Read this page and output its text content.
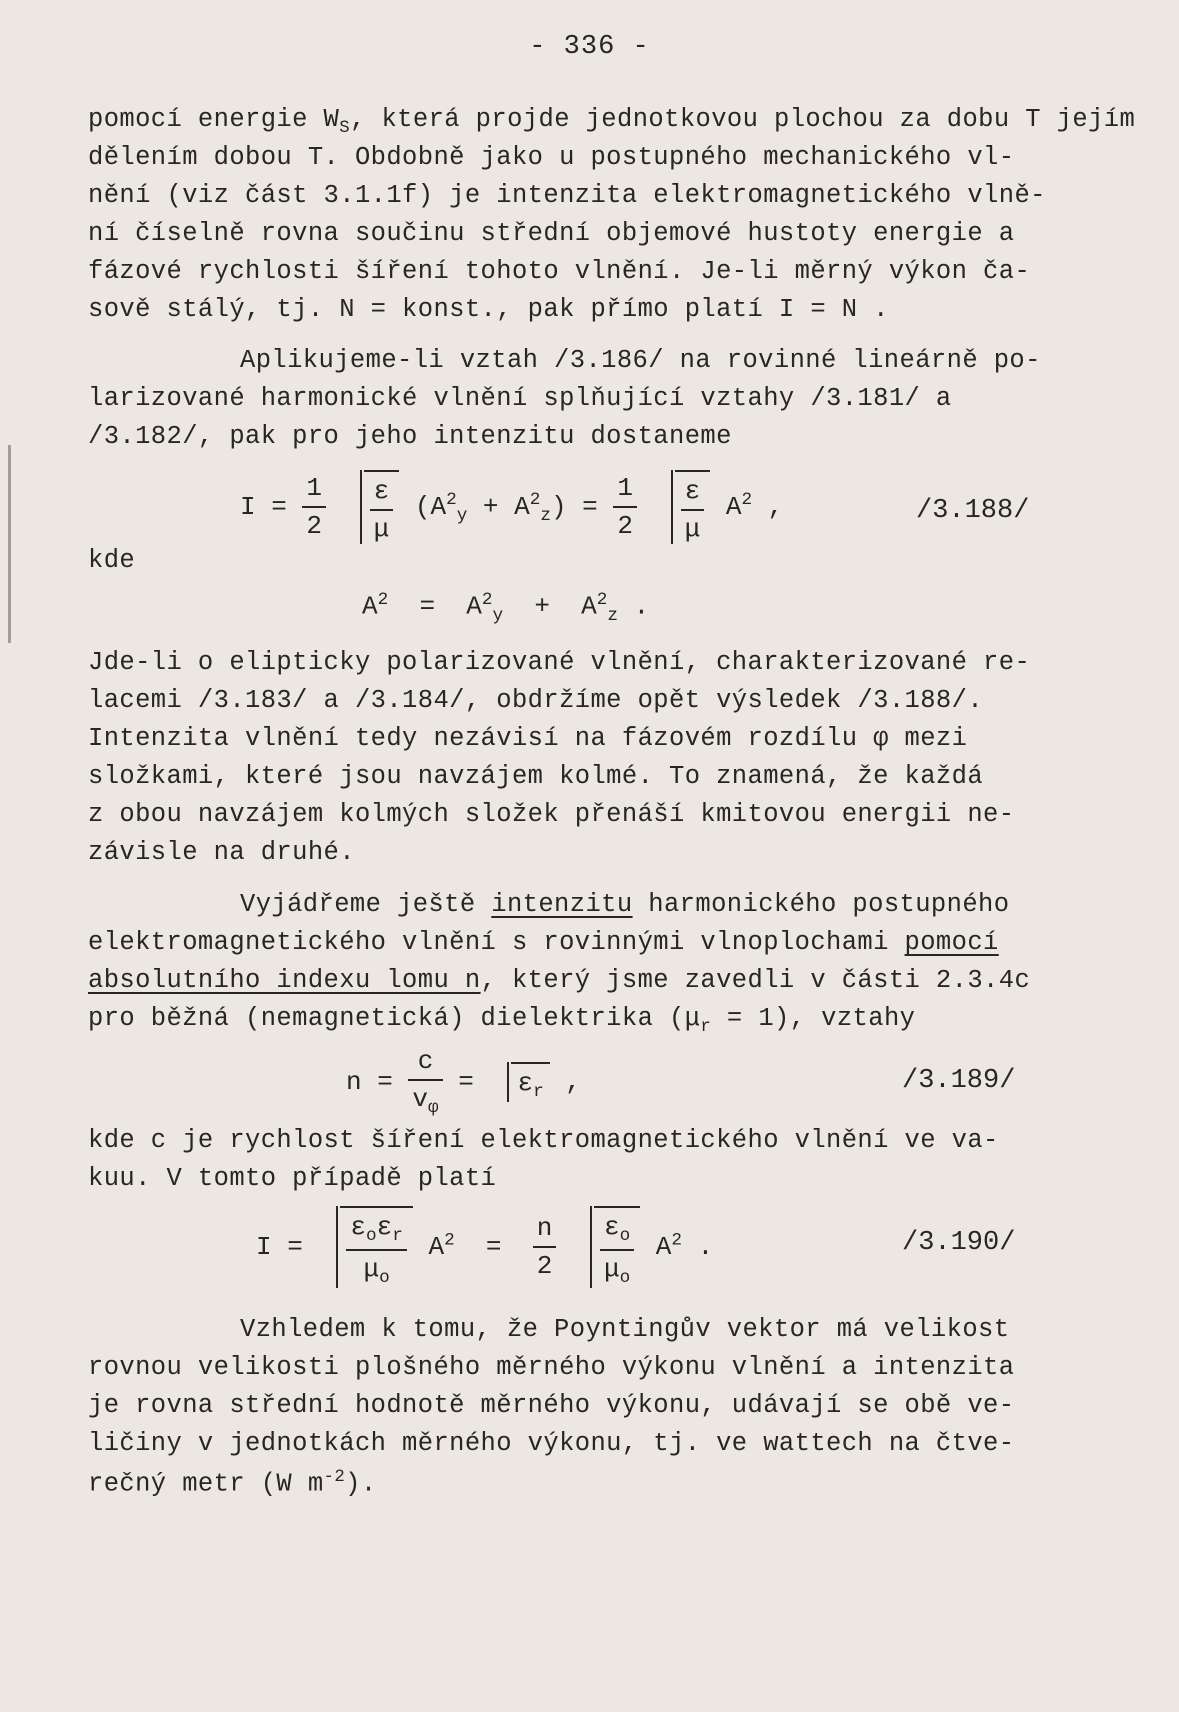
- 336 -
pomocí energie $W_S$, která projde jednotkovou plochou za dobu T jejím
dělením dobou T. Obdobně jako u postupného mechanického vl-
nění (viz část 3.1.1f) je intenzita elektromagnetického vlně-
ní číselně rovna součinu střední objemové hustoty energie a
fázové rychlosti šíření tohoto vlnění. Je-li měrný výkon ča-
sově stálý, tj. N = konst., pak přímo platí I = N .
Aplikujeme-li vztah /3.186/ na rovinné lineárně po-
larizované harmonické vlnění splňující vztahy /3.181/ a
/3.182/, pak pro jeho intenzitu dostaneme
$I = \frac{1}{2}$
$\frac{\varepsilon}{\mu} (A^2_y + A^2_z) = \frac{1}{2}$
$\frac{\varepsilon}{\mu} A^2$ ,	/3.188/
kde
$A^2 = A^2_y + A^2_z$ .
Jde-li o elipticky polarizované vlnění, charakterizované re-
lacemi /3.183/ a /3.184/, obdržíme opět výsledek /3.188/.
Intenzita vlnění tedy nezávisí na fázovém rozdílu φ mezi
složkami, které jsou navzájem kolmé. To znamená, že každá
z obou navzájem kolmých složek přenáší kmitovou energii ne-
závisle na druhé.
Vyjádřeme ještě intenzitu harmonického postupného
elektromagnetického vlnění s rovinnými vlnoplochami pomocí
absolutního indexu lomu n, který jsme zavedli v části 2.3.4c
pro běžná (nemagnetická) dielektrika $(\mu_r = 1)$, vztahy
$n = \frac{c}{v_\varphi} = \varepsilon_r$ ,	/3.189/
kde c je rychlost šíření elektromagnetického vlnění ve va-
kuu. V tomto případě platí
$I = \frac{\varepsilon_o\varepsilon_r}{\mu_o} A^2 = \frac{n}{2}$
$\frac{\varepsilon_o}{\mu_o} A^2$ .	/3.190/
Vzhledem k tomu, že Poyntingův vektor má velikost
rovnou velikosti plošného měrného výkonu vlnění a intenzita
je rovna střední hodnotě měrného výkonu, udávají se obě ve-
ličiny v jednotkách měrného výkonu, tj. ve wattech na čtve-
rečný metr (W $m^{-2}$).
